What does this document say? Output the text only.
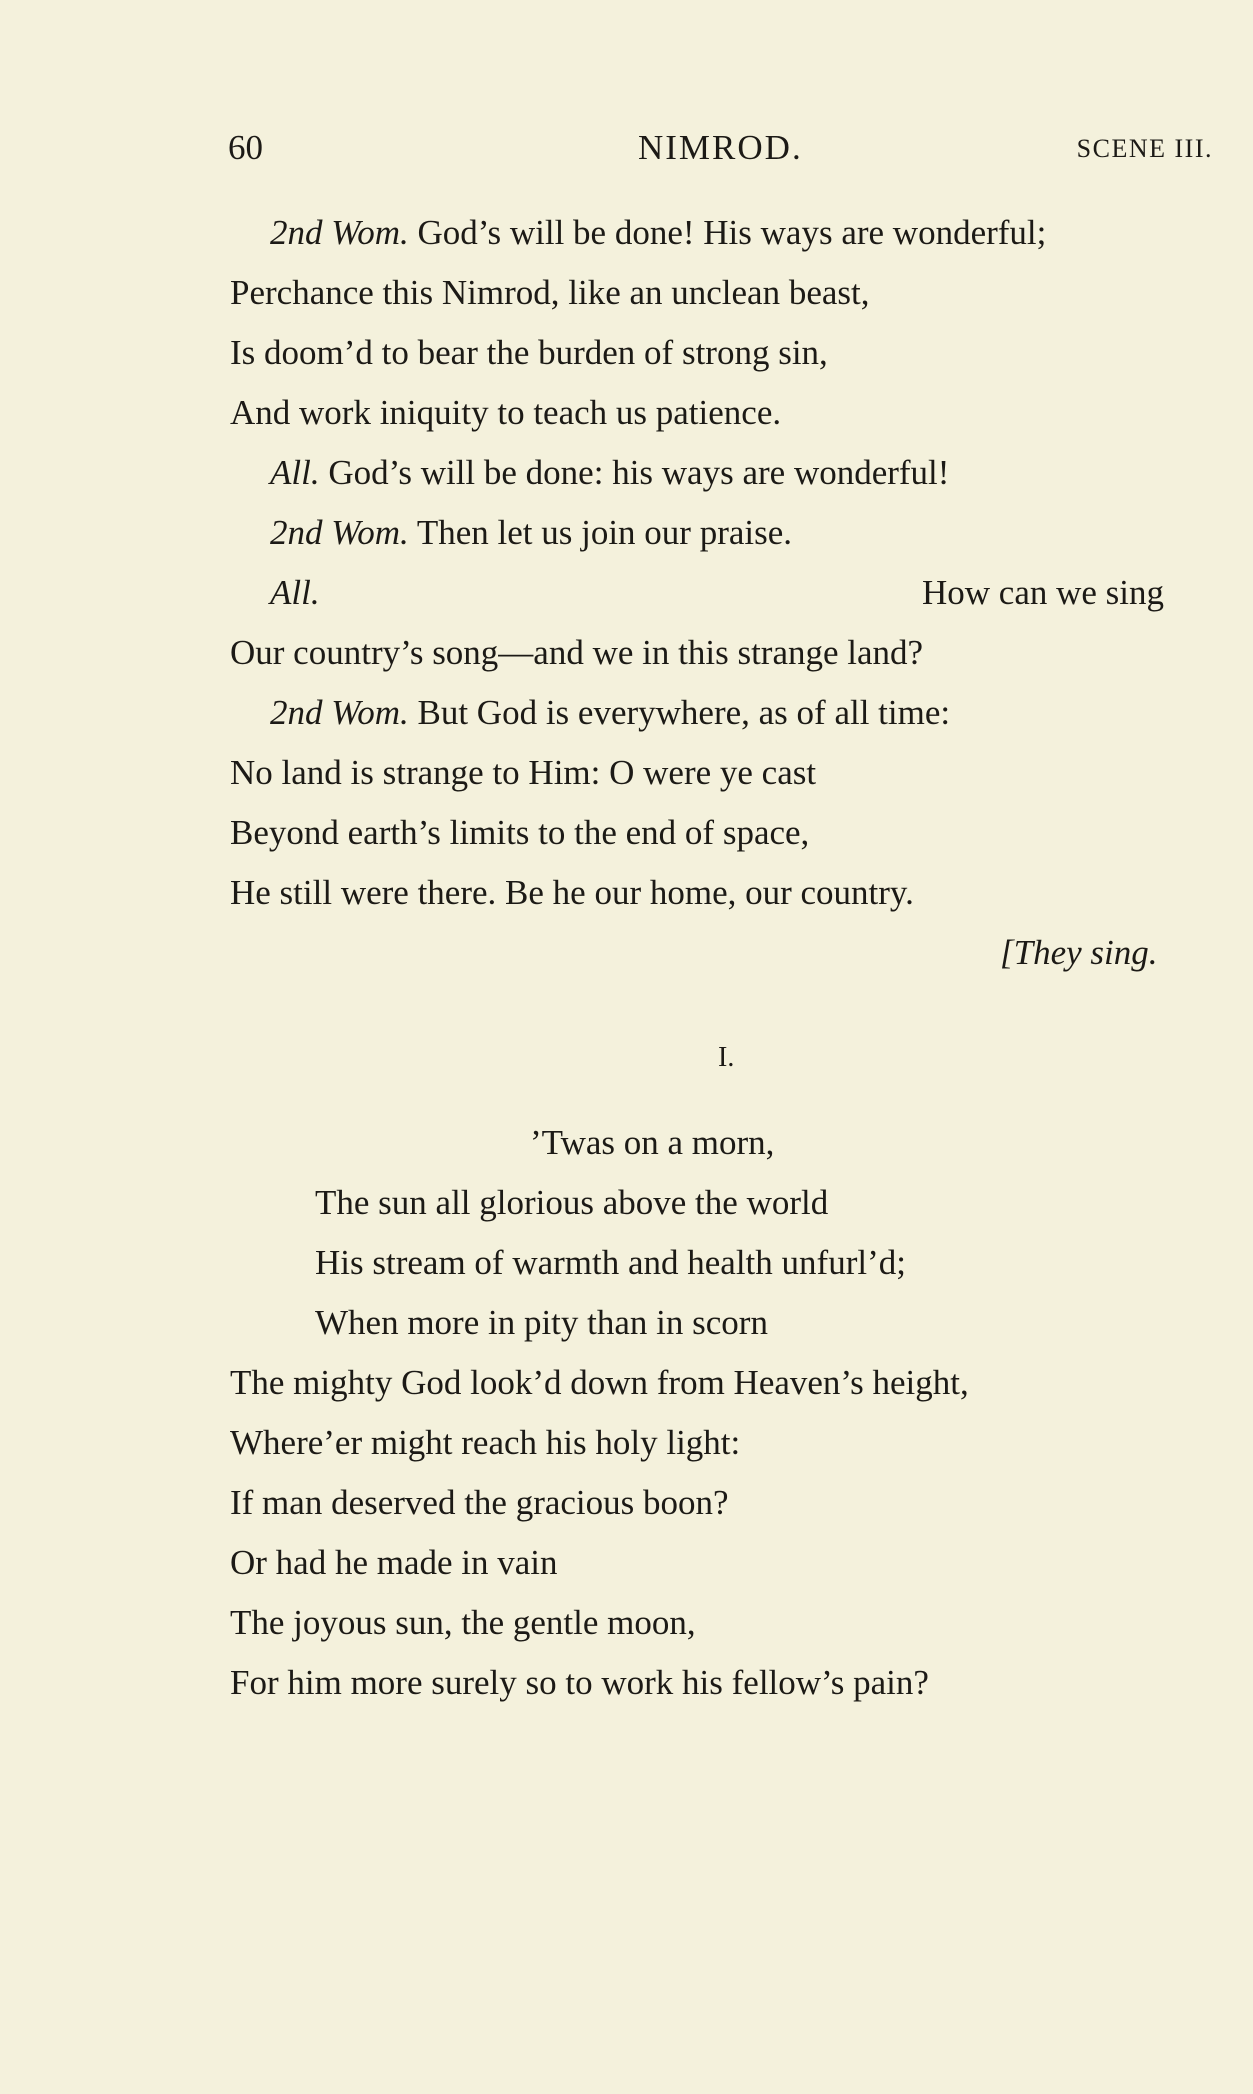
60	NIMROD.	SCENE III.
2nd Wom. God’s will be done! His ways are wonderful;
Perchance this Nimrod, like an unclean beast,
Is doom’d to bear the burden of strong sin,
And work iniquity to teach us patience.
All. God’s will be done: his ways are wonderful!
2nd Wom. Then let us join our praise.
All.	How can we sing
Our country’s song—and we in this strange land?
2nd Wom. But God is everywhere, as of all time:
No land is strange to Him: O were ye cast
Beyond earth’s limits to the end of space,
He still were there. Be he our home, our country.
[They sing.
I.
’Twas on a morn,
The sun all glorious above the world
His stream of warmth and health unfurl’d;
When more in pity than in scorn
The mighty God look’d down from Heaven’s height,
Where’er might reach his holy light:
If man deserved the gracious boon?
Or had he made in vain
The joyous sun, the gentle moon,
For him more surely so to work his fellow’s pain?
